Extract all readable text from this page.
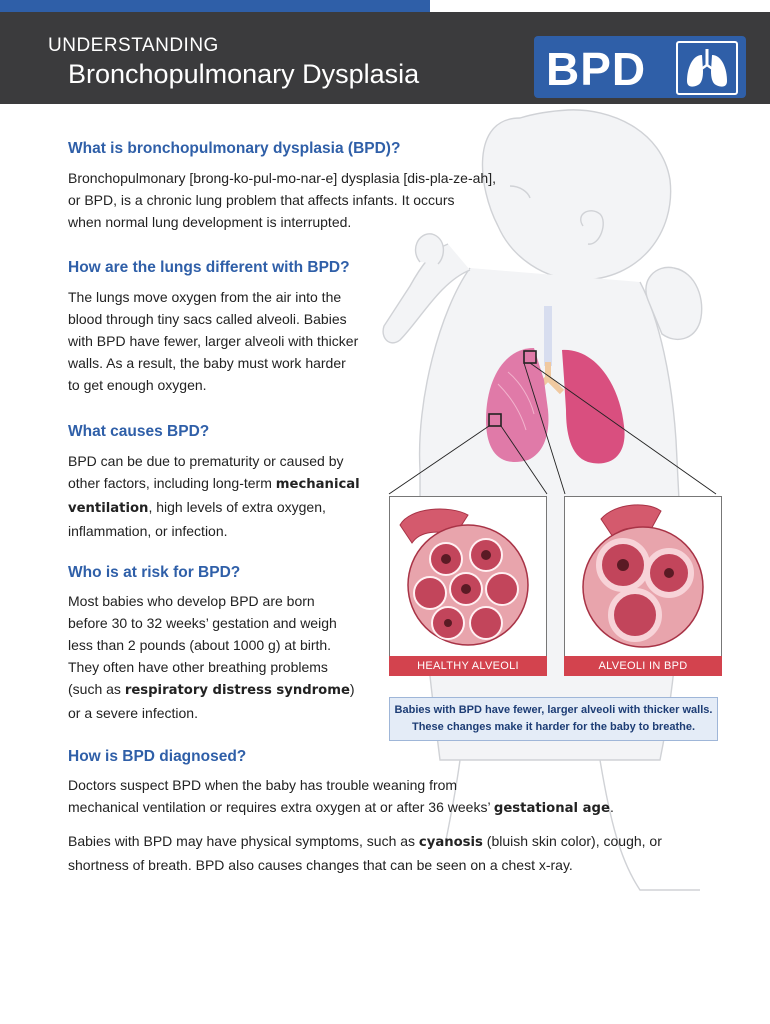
UNDERSTANDING
Bronchopulmonary Dysplasia	BPD
HEALTHY ALVEOLI	ALVEOLI IN BPD
Babies with BPD have fewer, larger alveoli with thicker walls.
These changes make it harder for the baby to breathe.
What is bronchopulmonary dysplasia (BPD)?

Bronchopulmonary [brong-ko-pul-mo-nar-e] dysplasia [dis-pla-ze-ah],
or BPD, is a chronic lung problem that affects infants. It occurs
when normal lung development is interrupted.

How are the lungs different with BPD?

The lungs move oxygen from the air into the
blood through tiny sacs called alveoli. Babies
with BPD have fewer, larger alveoli with thicker
walls. As a result, the baby must work harder
to get enough oxygen.

What causes BPD?

BPD can be due to prematurity or caused by
other factors, including long-term mechanical
ventilation, high levels of extra oxygen,
inflammation, or infection.

Who is at risk for BPD?

Most babies who develop BPD are born
before 30 to 32 weeks’ gestation and weigh
less than 2 pounds (about 1000 g) at birth.
They often have other breathing problems
(such as respiratory distress syndrome)
or a severe infection.

How is BPD diagnosed?

Doctors suspect BPD when the baby has trouble weaning from
mechanical ventilation or requires extra oxygen at or after 36 weeks’ gestational age.

Babies with BPD may have physical symptoms, such as cyanosis (bluish skin color), cough, or
shortness of breath. BPD also causes changes that can be seen on a chest x-ray.
